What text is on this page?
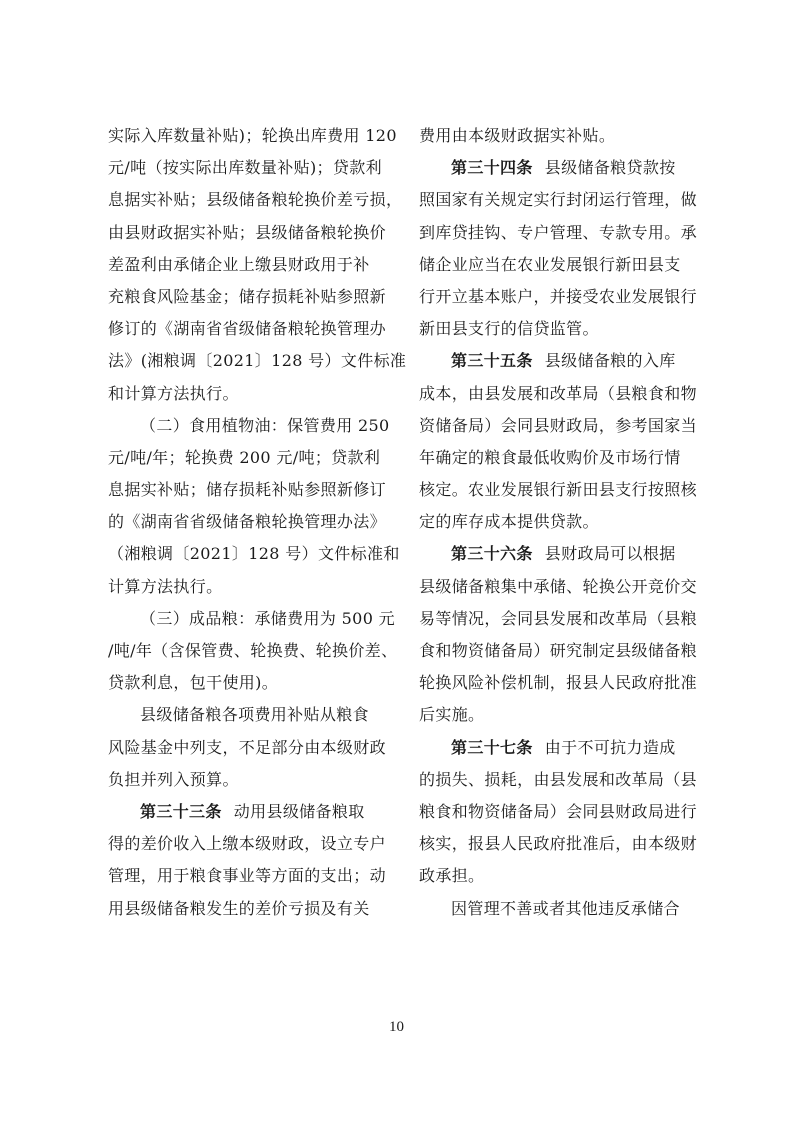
实际入库数量补贴)；轮换出库费用 120
元/吨（按实际出库数量补贴)；贷款利
息据实补贴；县级储备粮轮换价差亏损，
由县财政据实补贴；县级储备粮轮换价
差盈利由承储企业上缴县财政用于补
充粮食风险基金；储存损耗补贴参照新
修订的《湖南省省级储备粮轮换管理办
法》(湘粮调〔2021〕128 号）文件标准
和计算方法执行。
（二）食用植物油：保管费用 250
元/吨/年；轮换费 200 元/吨；贷款利
息据实补贴；储存损耗补贴参照新修订
的《湖南省省级储备粮轮换管理办法》
（湘粮调〔2021〕128 号）文件标准和
计算方法执行。
（三）成品粮：承储费用为 500 元
/吨/年（含保管费、轮换费、轮换价差、
贷款利息，包干使用)。
县级储备粮各项费用补贴从粮食
风险基金中列支，不足部分由本级财政
负担并列入预算。
第三十三条 动用县级储备粮取
得的差价收入上缴本级财政，设立专户
管理，用于粮食事业等方面的支出；动
用县级储备粮发生的差价亏损及有关
费用由本级财政据实补贴。
第三十四条 县级储备粮贷款按
照国家有关规定实行封闭运行管理，做
到库贷挂钩、专户管理、专款专用。承
储企业应当在农业发展银行新田县支
行开立基本账户，并接受农业发展银行
新田县支行的信贷监管。
第三十五条 县级储备粮的入库
成本，由县发展和改革局（县粮食和物
资储备局）会同县财政局，参考国家当
年确定的粮食最低收购价及市场行情
核定。农业发展银行新田县支行按照核
定的库存成本提供贷款。
第三十六条 县财政局可以根据
县级储备粮集中承储、轮换公开竞价交
易等情况，会同县发展和改革局（县粮
食和物资储备局）研究制定县级储备粮
轮换风险补偿机制，报县人民政府批准
后实施。
第三十七条 由于不可抗力造成
的损失、损耗，由县发展和改革局（县
粮食和物资储备局）会同县财政局进行
核实，报县人民政府批准后，由本级财
政承担。
因管理不善或者其他违反承储合
10
